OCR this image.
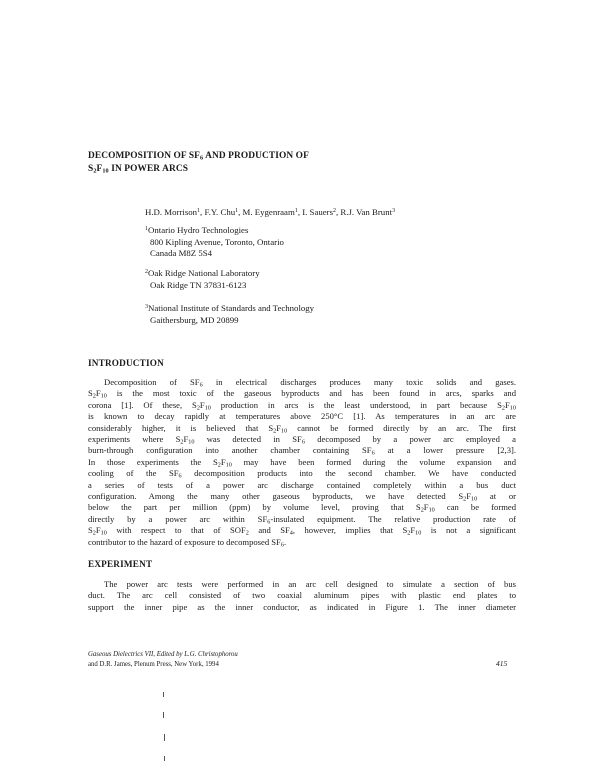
DECOMPOSITION OF $SF_6$ AND PRODUCTION OF
$S_2F_{10}$ IN POWER ARCS
H.D. Morrison$^1$, F.Y. Chu$^1$, M. Eygenraam$^1$, I. Sauers$^2$, R.J. Van Brunt$^3$
$^1$Ontario Hydro Technologies
800 Kipling Avenue, Toronto, Ontario
Canada M8Z 5S4
$^2$Oak Ridge National Laboratory
Oak Ridge TN 37831-6123
$^3$National Institute of Standards and Technology
Gaithersburg, MD 20899
INTRODUCTION
Decomposition of $SF_6$ in electrical discharges produces many toxic solids and gases.
$S_2F_{10}$ is the most toxic of the gaseous byproducts and has been found in arcs, sparks and
corona [1]. Of these, $S_2F_{10}$ production in arcs is the least understood, in part because $S_2F_{10}$
is known to decay rapidly at temperatures above 250°C [1]. As temperatures in an arc are
considerably higher, it is believed that $S_2F_{10}$ cannot be formed directly by an arc. The first
experiments where $S_2F_{10}$ was detected in $SF_6$ decomposed by a power arc employed a
burn-through configuration into another chamber containing $SF_6$ at a lower pressure [2,3].
In those experiments the $S_2F_{10}$ may have been formed during the volume expansion and
cooling of the $SF_6$ decomposition products into the second chamber. We have conducted
a series of tests of a power arc discharge contained completely within a bus duct
configuration. Among the many other gaseous byproducts, we have detected $S_2F_{10}$ at or
below the part per million (ppm) by volume level, proving that $S_2F_{10}$ can be formed
directly by a power arc within $SF_6$-insulated equipment. The relative production rate of
$S_2F_{10}$ with respect to that of $SOF_2$ and $SF_4$, however, implies that $S_2F_{10}$ is not a significant
contributor to the hazard of exposure to decomposed $SF_6$.
EXPERIMENT
The power arc tests were performed in an arc cell designed to simulate a section of bus
duct. The arc cell consisted of two coaxial aluminum pipes with plastic end plates to
support the inner pipe as the inner conductor, as indicated in Figure 1. The inner diameter
Gaseous Dielectrics VII, Edited by L.G. Christophorou
and D.R. James, Plenum Press, New York, 1994	415
